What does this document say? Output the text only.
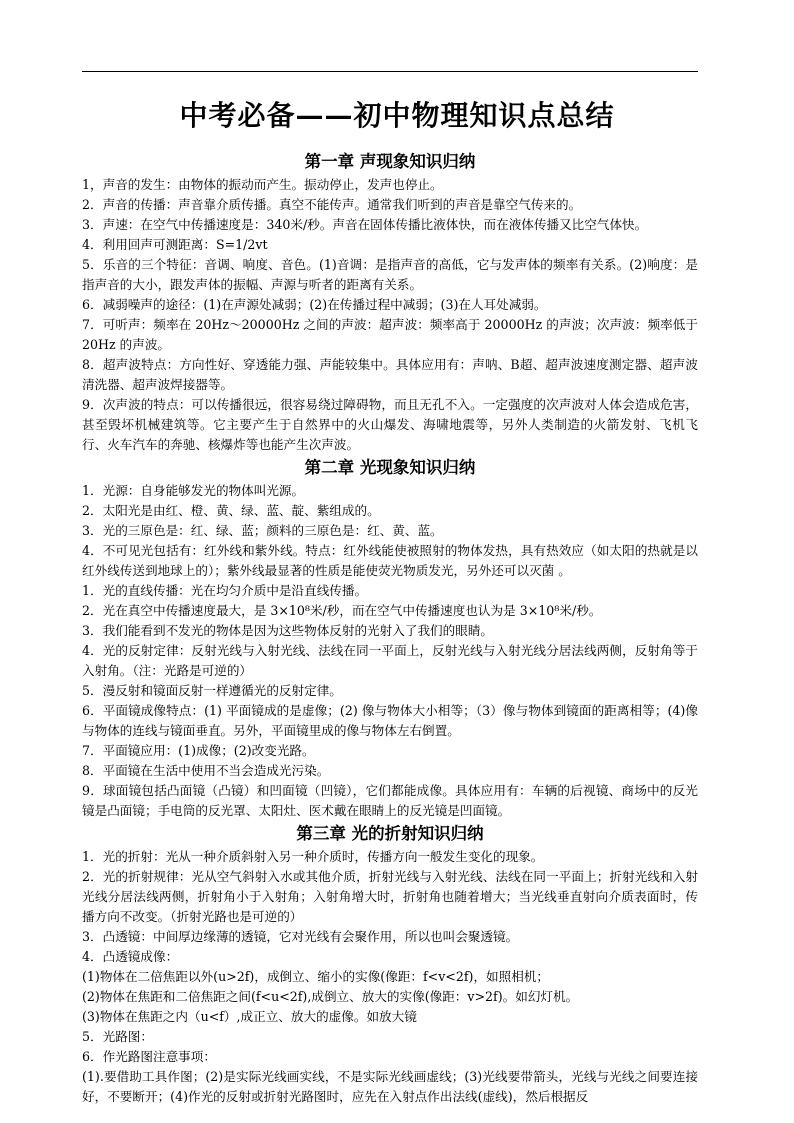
中考必备——初中物理知识点总结
第一章 声现象知识归纳

1，声音的发生：由物体的振动而产生。振动停止，发声也停止。

2．声音的传播：声音靠介质传播。真空不能传声。通常我们听到的声音是靠空气传来的。

3．声速：在空气中传播速度是：340米/秒。声音在固体传播比液体快，而在液体传播又比空气体快。

4．利用回声可测距离：S=1/2vt

5．乐音的三个特征：音调、响度、音色。(1)音调：是指声音的高低，它与发声体的频率有关系。(2)响度：是指声音的大小，跟发声体的振幅、声源与听者的距离有关系。

6．减弱噪声的途径：(1)在声源处减弱；(2)在传播过程中减弱；(3)在人耳处减弱。

7．可听声：频率在 20Hz～20000Hz 之间的声波：超声波：频率高于 20000Hz 的声波；次声波：频率低于 20Hz 的声波。

8．超声波特点：方向性好、穿透能力强、声能较集中。具体应用有：声呐、B超、超声波速度测定器、超声波清洗器、超声波焊接器等。

9．次声波的特点：可以传播很远，很容易绕过障碍物，而且无孔不入。一定强度的次声波对人体会造成危害，甚至毁坏机械建筑等。它主要产生于自然界中的火山爆发、海啸地震等，另外人类制造的火箭发射、飞机飞行、火车汽车的奔驰、核爆炸等也能产生次声波。

第二章 光现象知识归纳

1．光源：自身能够发光的物体叫光源。

2．太阳光是由红、橙、黄、绿、蓝、靛、紫组成的。

3．光的三原色是：红、绿、蓝；颜料的三原色是：红、黄、蓝。

4．不可见光包括有：红外线和紫外线。特点：红外线能使被照射的物体发热，具有热效应（如太阳的热就是以红外线传送到地球上的）；紫外线最显著的性质是能使荧光物质发光，另外还可以灭菌 。

1．光的直线传播：光在均匀介质中是沿直线传播。

2．光在真空中传播速度最大，是 3×10⁸米/秒，而在空气中传播速度也认为是 3×10⁸米/秒。

3．我们能看到不发光的物体是因为这些物体反射的光射入了我们的眼睛。

4．光的反射定律：反射光线与入射光线、法线在同一平面上，反射光线与入射光线分居法线两侧，反射角等于入射角。（注：光路是可逆的）

5．漫反射和镜面反射一样遵循光的反射定律。

6．平面镜成像特点：(1) 平面镜成的是虚像；(2) 像与物体大小相等；（3）像与物体到镜面的距离相等；(4)像与物体的连线与镜面垂直。另外，平面镜里成的像与物体左右倒置。

7．平面镜应用：(1)成像；(2)改变光路。

8．平面镜在生活中使用不当会造成光污染。

9．球面镜包括凸面镜（凸镜）和凹面镜（凹镜），它们都能成像。具体应用有：车辆的后视镜、商场中的反光镜是凸面镜；手电筒的反光罩、太阳灶、医术戴在眼睛上的反光镜是凹面镜。

第三章 光的折射知识归纳

1．光的折射：光从一种介质斜射入另一种介质时，传播方向一般发生变化的现象。

2．光的折射规律：光从空气斜射入水或其他介质，折射光线与入射光线、法线在同一平面上；折射光线和入射光线分居法线两侧，折射角小于入射角；入射角增大时，折射角也随着增大；当光线垂直射向介质表面时，传播方向不改变。（折射光路也是可逆的）

3．凸透镜：中间厚边缘薄的透镜，它对光线有会聚作用，所以也叫会聚透镜。

4．凸透镜成像：

(1)物体在二倍焦距以外(u>2f)，成倒立、缩小的实像(像距：f<v<2f)，如照相机；

(2)物体在焦距和二倍焦距之间(f<u<2f),成倒立、放大的实像(像距：v>2f)。如幻灯机。

(3)物体在焦距之内（u<f）,成正立、放大的虚像。如放大镜

5．光路图：

6．作光路图注意事项：

(1).要借助工具作图；(2)是实际光线画实线，不是实际光线画虚线；(3)光线要带箭头，光线与光线之间要连接好，不要断开；(4)作光的反射或折射光路图时，应先在入射点作出法线(虚线)，然后根据反
